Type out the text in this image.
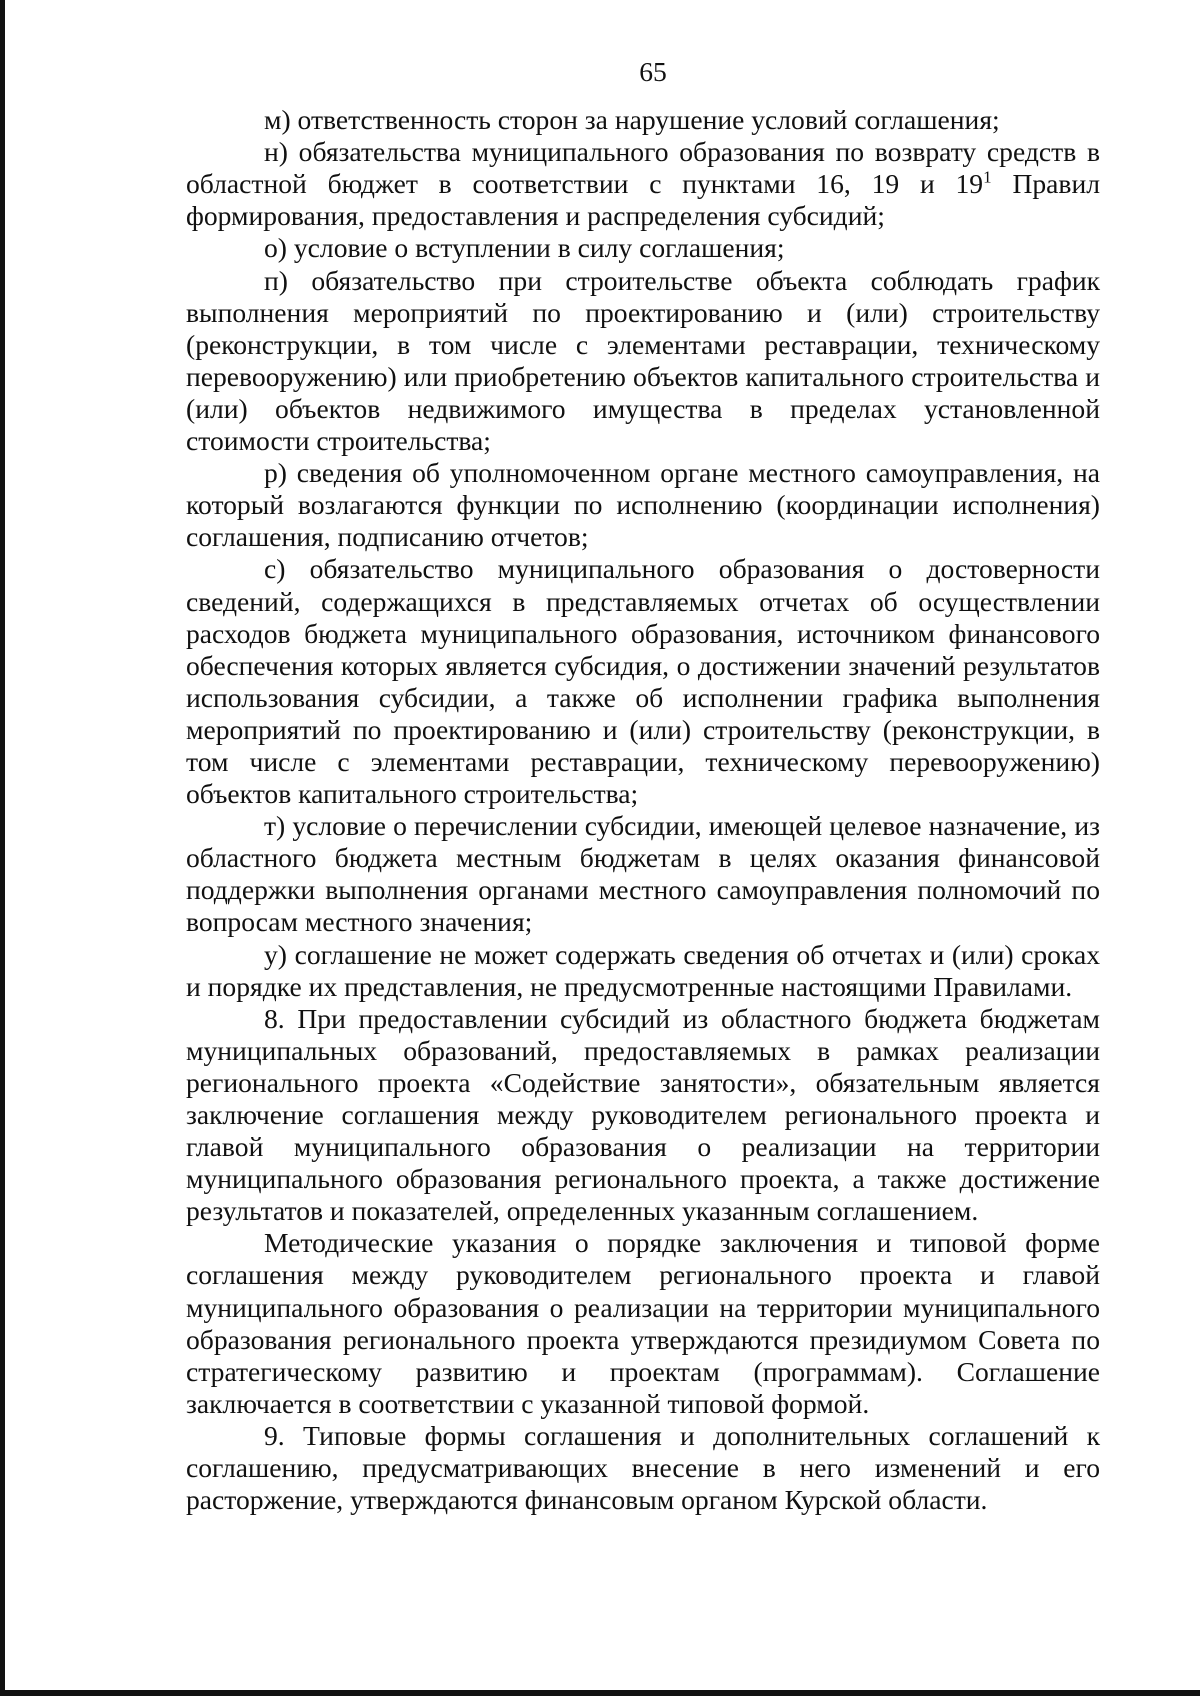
65

м) ответственность сторон за нарушение условий соглашения;

н) обязательства муниципального образования по возврату средств в областной бюджет в соответствии с пунктами 16, 19 и $19^1$ Правил формирования, предоставления и распределения субсидий;

о) условие о вступлении в силу соглашения;

п) обязательство при строительстве объекта соблюдать график выполнения мероприятий по проектированию и (или) строительству (реконструкции, в том числе с элементами реставрации, техническому перевооружению) или приобретению объектов капитального строительства и (или) объектов недвижимого имущества в пределах установленной стоимости строительства;

р) сведения об уполномоченном органе местного самоуправления, на который возлагаются функции по исполнению (координации исполнения) соглашения, подписанию отчетов;

с) обязательство муниципального образования о достоверности сведений, содержащихся в представляемых отчетах об осуществлении расходов бюджета муниципального образования, источником финансового обеспечения которых является субсидия, о достижении значений результатов использования субсидии, а также об исполнении графика выполнения мероприятий по проектированию и (или) строительству (реконструкции, в том числе с элементами реставрации, техническому перевооружению) объектов капитального строительства;

т) условие о перечислении субсидии, имеющей целевое назначение, из областного бюджета местным бюджетам в целях оказания финансовой поддержки выполнения органами местного самоуправления полномочий по вопросам местного значения;

у) соглашение не может содержать сведения об отчетах и (или) сроках и порядке их представления, не предусмотренные настоящими Правилами.

8. При предоставлении субсидий из областного бюджета бюджетам муниципальных образований, предоставляемых в рамках реализации регионального проекта «Содействие занятости», обязательным является заключение соглашения между руководителем регионального проекта и главой муниципального образования о реализации на территории муниципального образования регионального проекта, а также достижение результатов и показателей, определенных указанным соглашением.

Методические указания о порядке заключения и типовой форме соглашения между руководителем регионального проекта и главой муниципального образования о реализации на территории муниципального образования регионального проекта утверждаются президиумом Совета по стратегическому развитию и проектам (программам). Соглашение заключается в соответствии с указанной типовой формой.

9. Типовые формы соглашения и дополнительных соглашений к соглашению, предусматривающих внесение в него изменений и его расторжение, утверждаются финансовым органом Курской области.
